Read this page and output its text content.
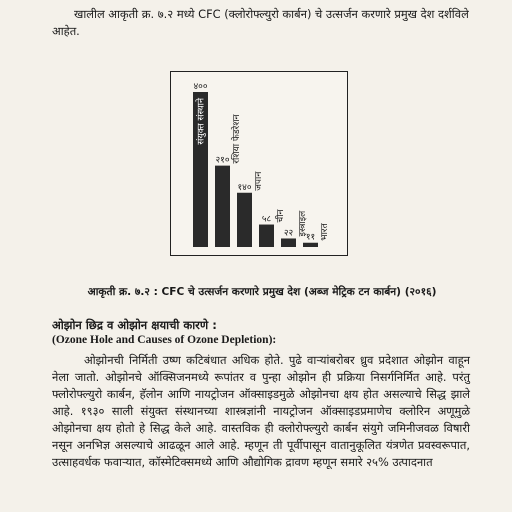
खालील आकृती क्र. ७.२ मध्ये CFC (क्लोरोफ्ल्युरो कार्बन) चे उत्सर्जन करणारे प्रमुख देश दर्शविले आहेत.

४००
संयुक्त संस्थाने
२१० रशिया फेडरेशन
१४० जपान
५८ चीन
२२ इस्त्राइल
११ भारत

आकृती क्र. ७.२ : CFC चे उत्सर्जन करणारे प्रमुख देश (अब्ज मेट्रिक टन कार्बन) (२०१६)

ओझोन छिद्र व ओझोन क्षयाची कारणे :

(Ozone Hole and Causes of Ozone Depletion):

ओझोनची निर्मिती उष्ण कटिबंधात अधिक होते. पुढे वाऱ्यांबरोबर ध्रुव प्रदेशात ओझोन वाहून नेला जातो. ओझोनचे ऑक्सिजनमध्ये रूपांतर व पुन्हा ओझोन ही प्रक्रिया निसर्गनिर्मित आहे. परंतु फ्लोरोफ्ल्युरो कार्बन, हॅलोन आणि नायट्रोजन ऑक्साइडमुळे ओझोनचा क्षय होत असल्याचे सिद्ध झाले आहे. १९३० साली संयुक्त संस्थानच्या शास्त्रज्ञांनी नायट्रोजन ऑक्साइडप्रमाणेच क्लोरिन अणूमुळे ओझोनचा क्षय होतो हे सिद्ध केले आहे. वास्तविक ही क्लोरोफ्ल्युरो कार्बन संयुगे जमिनीजवळ विषारी नसून अनभिज्ञ असल्याचे आढळून आले आहे. म्हणून ती पूर्वीपासून वातानुकूलित यंत्रणेत प्रवस्वरूपात, उत्साहवर्धक फवाऱ्यात, कॉस्मेटिक्समध्ये आणि औद्योगिक द्रावण म्हणून समारे २५% उत्पादनात
